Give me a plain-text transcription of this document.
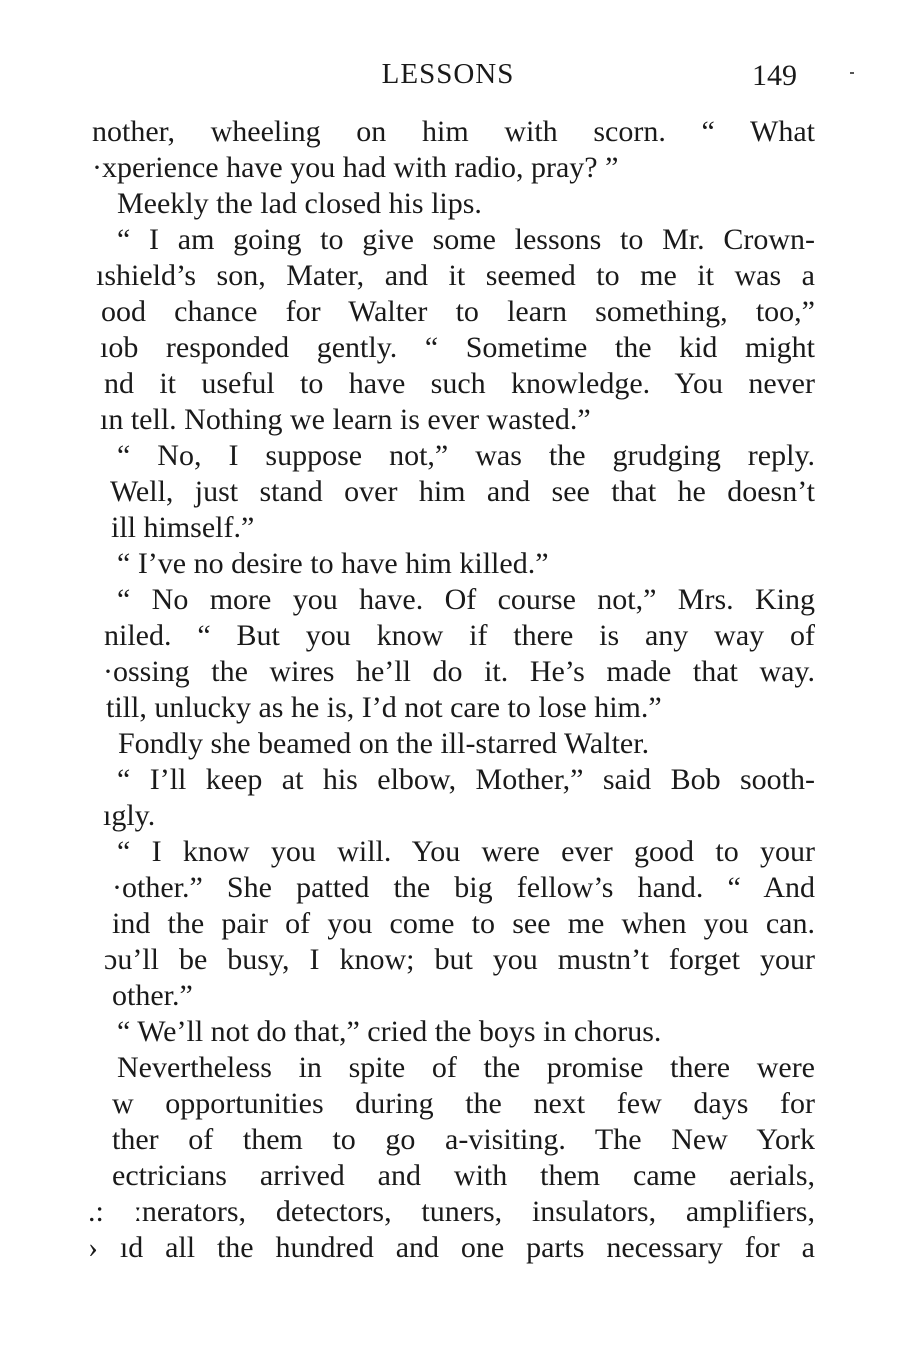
LESSONS	149
nother, wheeling on him with scorn. “ What
·xperience have you had with radio, pray? ”
Meekly the lad closed his lips.
“ I am going to give some lessons to Mr. Crown-
ıshield’s son, Mater, and it seemed to me it was a
ood chance for Walter to learn something, too,”
ıob responded gently. “ Sometime the kid might
nd it useful to have such knowledge. You never
ın tell. Nothing we learn is ever wasted.”
“ No, I suppose not,” was the grudging reply.
Well, just stand over him and see that he doesn’t
ill himself.”
“ I’ve no desire to have him killed.”
“ No more you have. Of course not,” Mrs. King
niled. “ But you know if there is any way of
·ossing the wires he’ll do it. He’s made that way.
till, unlucky as he is, I’d not care to lose him.”
Fondly she beamed on the ill-starred Walter.
“ I’ll keep at his elbow, Mother,” said Bob sooth-
ıgly.
“ I know you will. You were ever good to your
·other.” She patted the big fellow’s hand. “ And
ind the pair of you come to see me when you can.
ɔu’ll be busy, I know; but you mustn’t forget your
other.”
“ We’ll not do that,” cried the boys in chorus.
Nevertheless in spite of the promise there were
w opportunities during the next few days for
ther of them to go a-visiting. The New York
ectricians arrived and with them came aerials,
.: ːnerators, detectors, tuners, insulators, amplifiers,
› ıd all the hundred and one parts necessary for a
